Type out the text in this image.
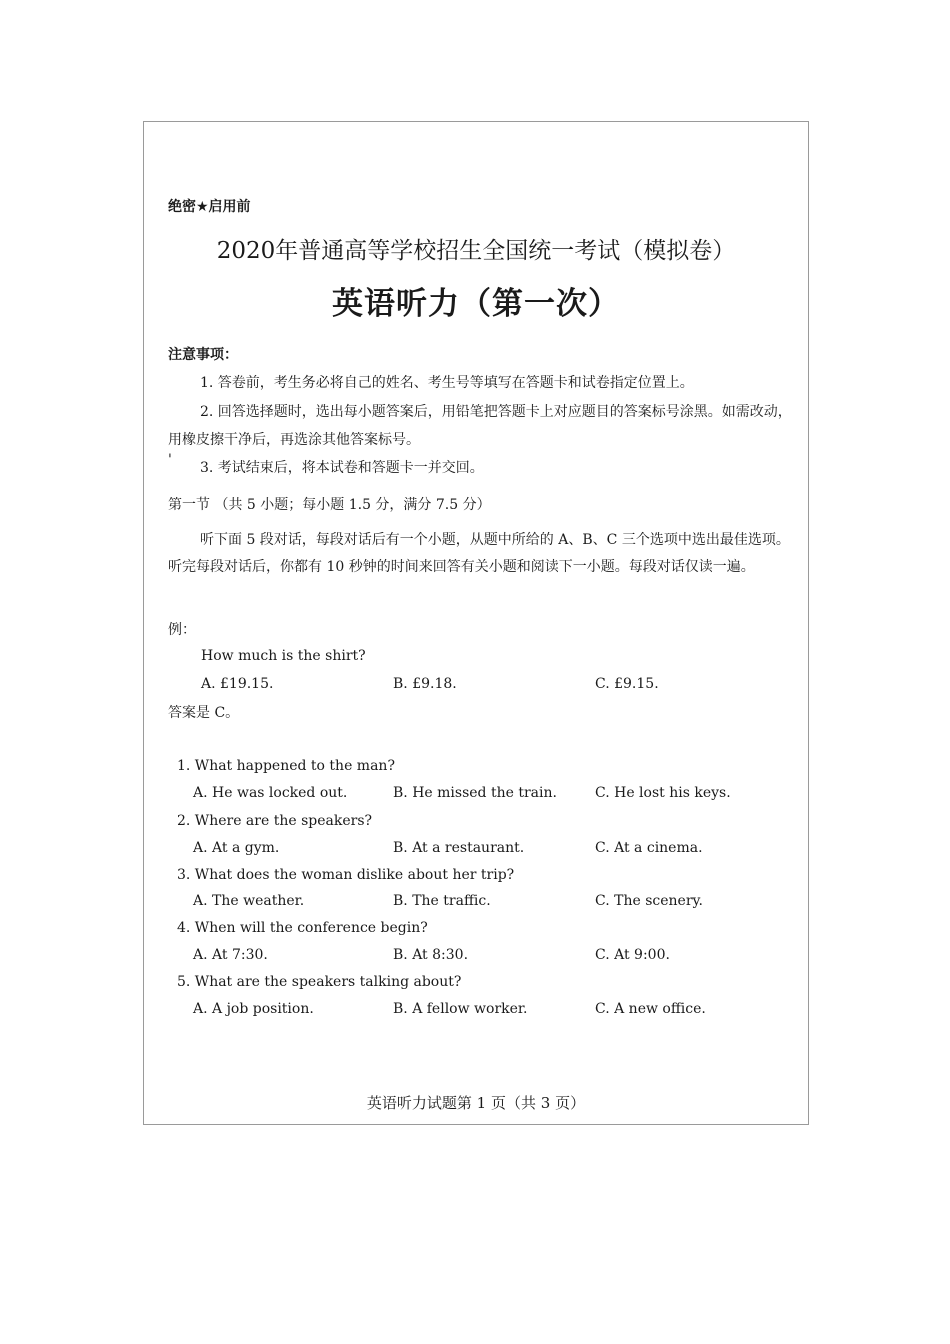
绝密★启用前
2020年普通高等学校招生全国统一考试（模拟卷）
英语听力（第一次）
注意事项：
1. 答卷前，考生务必将自己的姓名、考生号等填写在答题卡和试卷指定位置上。
2. 回答选择题时，选出每小题答案后，用铅笔把答题卡上对应题目的答案标号涂黑。如需改动，用橡皮擦干净后，再选涂其他答案标号。
' 3. 考试结束后，将本试卷和答题卡一并交回。
第一节 （共 5 小题；每小题 1.5 分，满分 7.5 分）
听下面 5 段对话，每段对话后有一个小题，从题中所给的 A、B、C 三个选项中选出最佳选项。听完每段对话后，你都有 10 秒钟的时间来回答有关小题和阅读下一小题。每段对话仅读一遍。
例：
How much is the shirt?
A. £19.15.	B. £9.18.	C. £9.15.
答案是 C。
1. What happened to the man?
A. He was locked out.	B. He missed the train.	C. He lost his keys.
2. Where are the speakers?
A. At a gym.	B. At a restaurant.	C. At a cinema.
3. What does the woman dislike about her trip?
A. The weather.	B. The traffic.	C. The scenery.
4. When will the conference begin?
A. At 7:30.	B. At 8:30.	C. At 9:00.
5. What are the speakers talking about?
A. A job position.	B. A fellow worker.	C. A new office.
英语听力试题第 1 页（共 3 页）
